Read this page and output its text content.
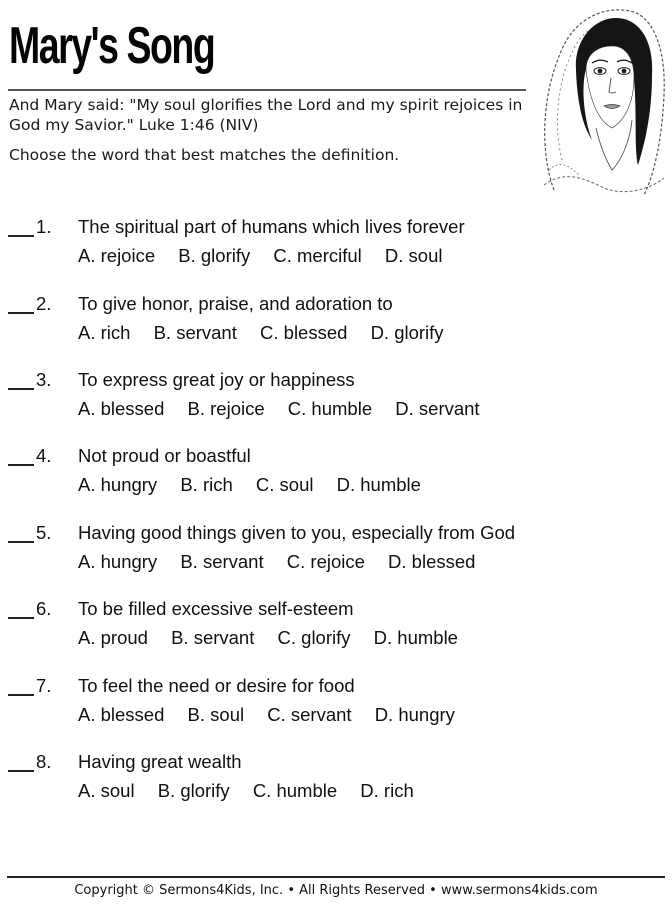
Mary's Song
And Mary said: "My soul glorifies the Lord and my spirit rejoices in God my Savior." Luke 1:46 (NIV)
Choose the word that best matches the definition.
1. The spiritual part of humans which lives forever
A. rejoice B. glorify C. merciful D. soul
2. To give honor, praise, and adoration to
A. rich B. servant C. blessed D. glorify
3. To express great joy or happiness
A. blessed B. rejoice C. humble D. servant
4. Not proud or boastful
A. hungry B. rich C. soul D. humble
5. Having good things given to you, especially from God
A. hungry B. servant C. rejoice D. blessed
6. To be filled excessive self-esteem
A. proud B. servant C. glorify D. humble
7. To feel the need or desire for food
A. blessed B. soul C. servant D. hungry
8. Having great wealth
A. soul B. glorify C. humble D. rich
Copyright © Sermons4Kids, Inc. • All Rights Reserved • www.sermons4kids.com
